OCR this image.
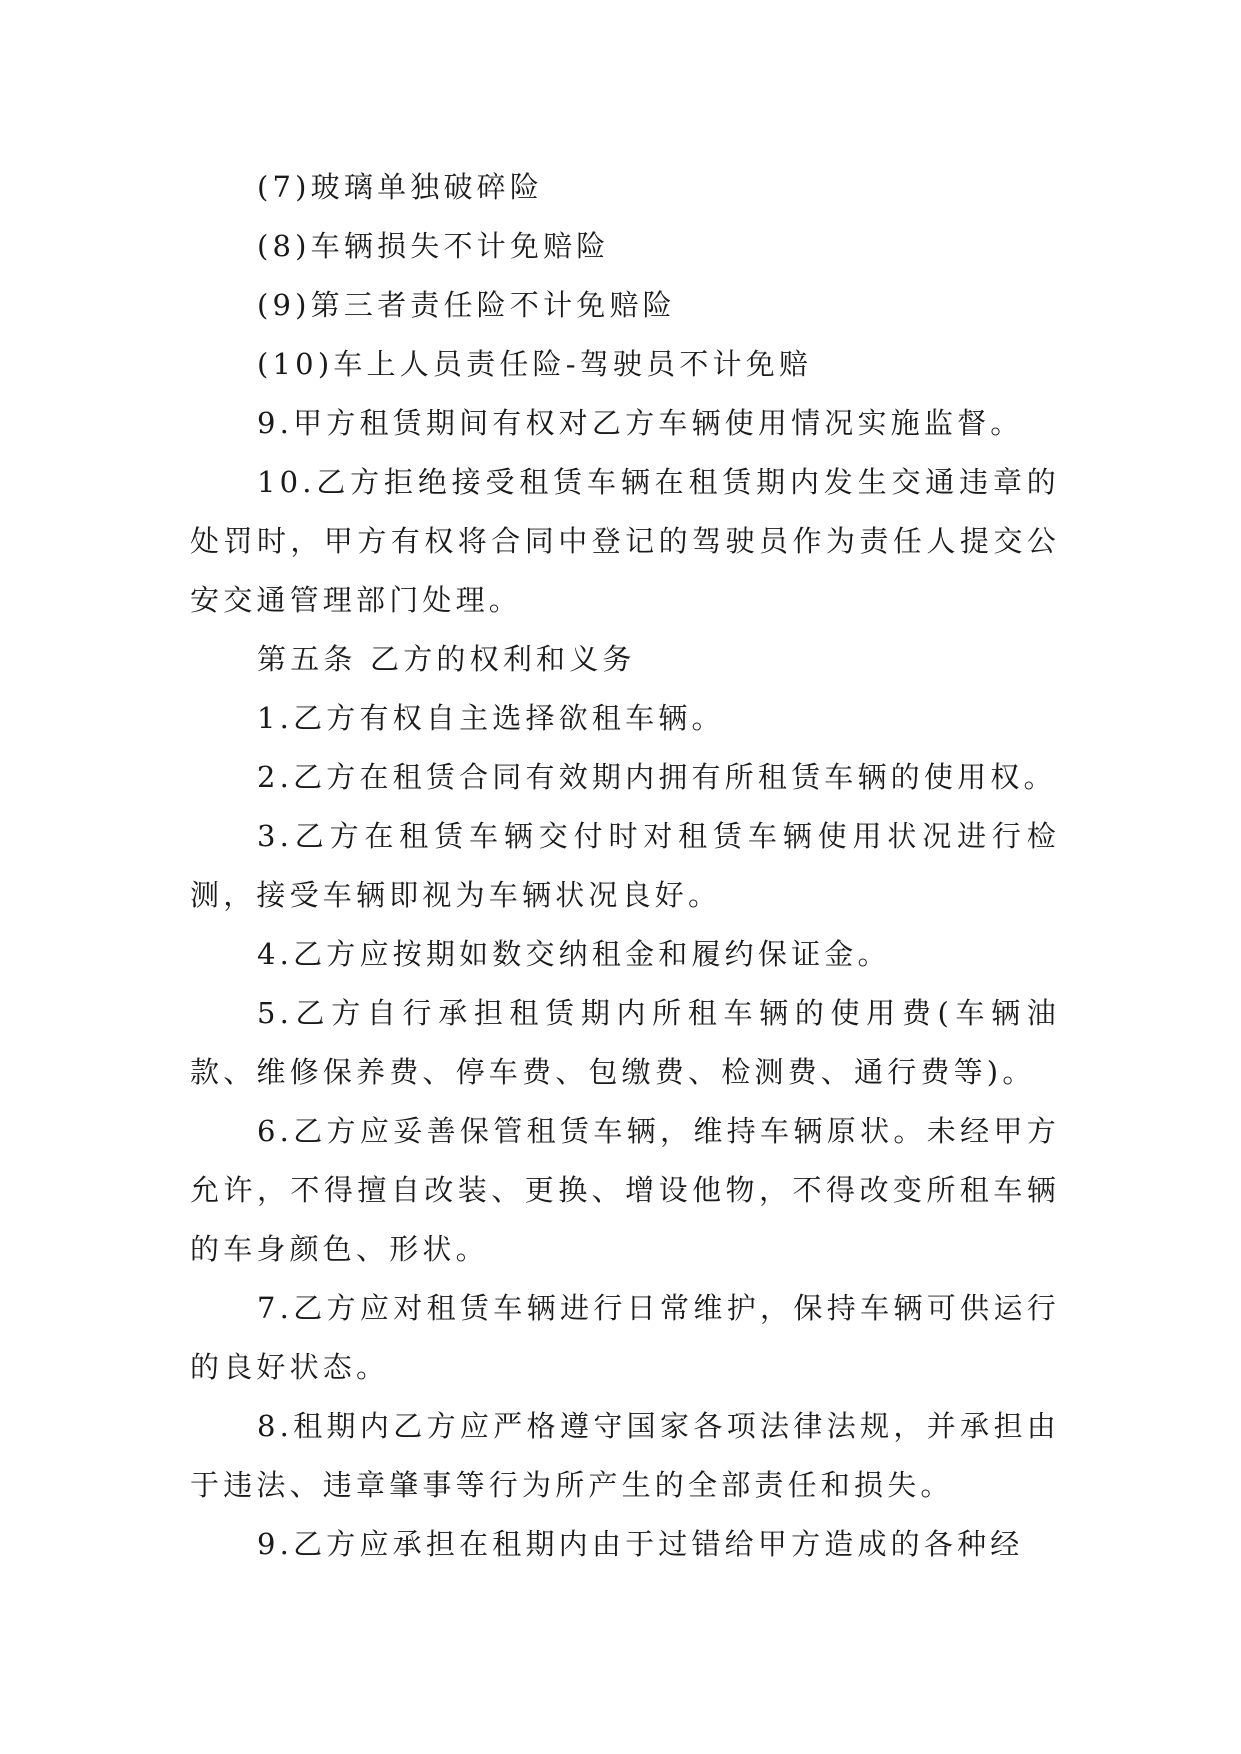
(7)玻璃单独破碎险

(8)车辆损失不计免赔险

(9)第三者责任险不计免赔险

(10)车上人员责任险-驾驶员不计免赔

9.甲方租赁期间有权对乙方车辆使用情况实施监督。

10.乙方拒绝接受租赁车辆在租赁期内发生交通违章的处罚时，甲方有权将合同中登记的驾驶员作为责任人提交公安交通管理部门处理。

第五条 乙方的权利和义务

1.乙方有权自主选择欲租车辆。

2.乙方在租赁合同有效期内拥有所租赁车辆的使用权。

3.乙方在租赁车辆交付时对租赁车辆使用状况进行检测，接受车辆即视为车辆状况良好。

4.乙方应按期如数交纳租金和履约保证金。

5.乙方自行承担租赁期内所租车辆的使用费(车辆油款、维修保养费、停车费、包缴费、检测费、通行费等)。

6.乙方应妥善保管租赁车辆，维持车辆原状。未经甲方允许，不得擅自改装、更换、增设他物，不得改变所租车辆的车身颜色、形状。

7.乙方应对租赁车辆进行日常维护，保持车辆可供运行的良好状态。

8.租期内乙方应严格遵守国家各项法律法规，并承担由于违法、违章肇事等行为所产生的全部责任和损失。

9.乙方应承担在租期内由于过错给甲方造成的各种经
